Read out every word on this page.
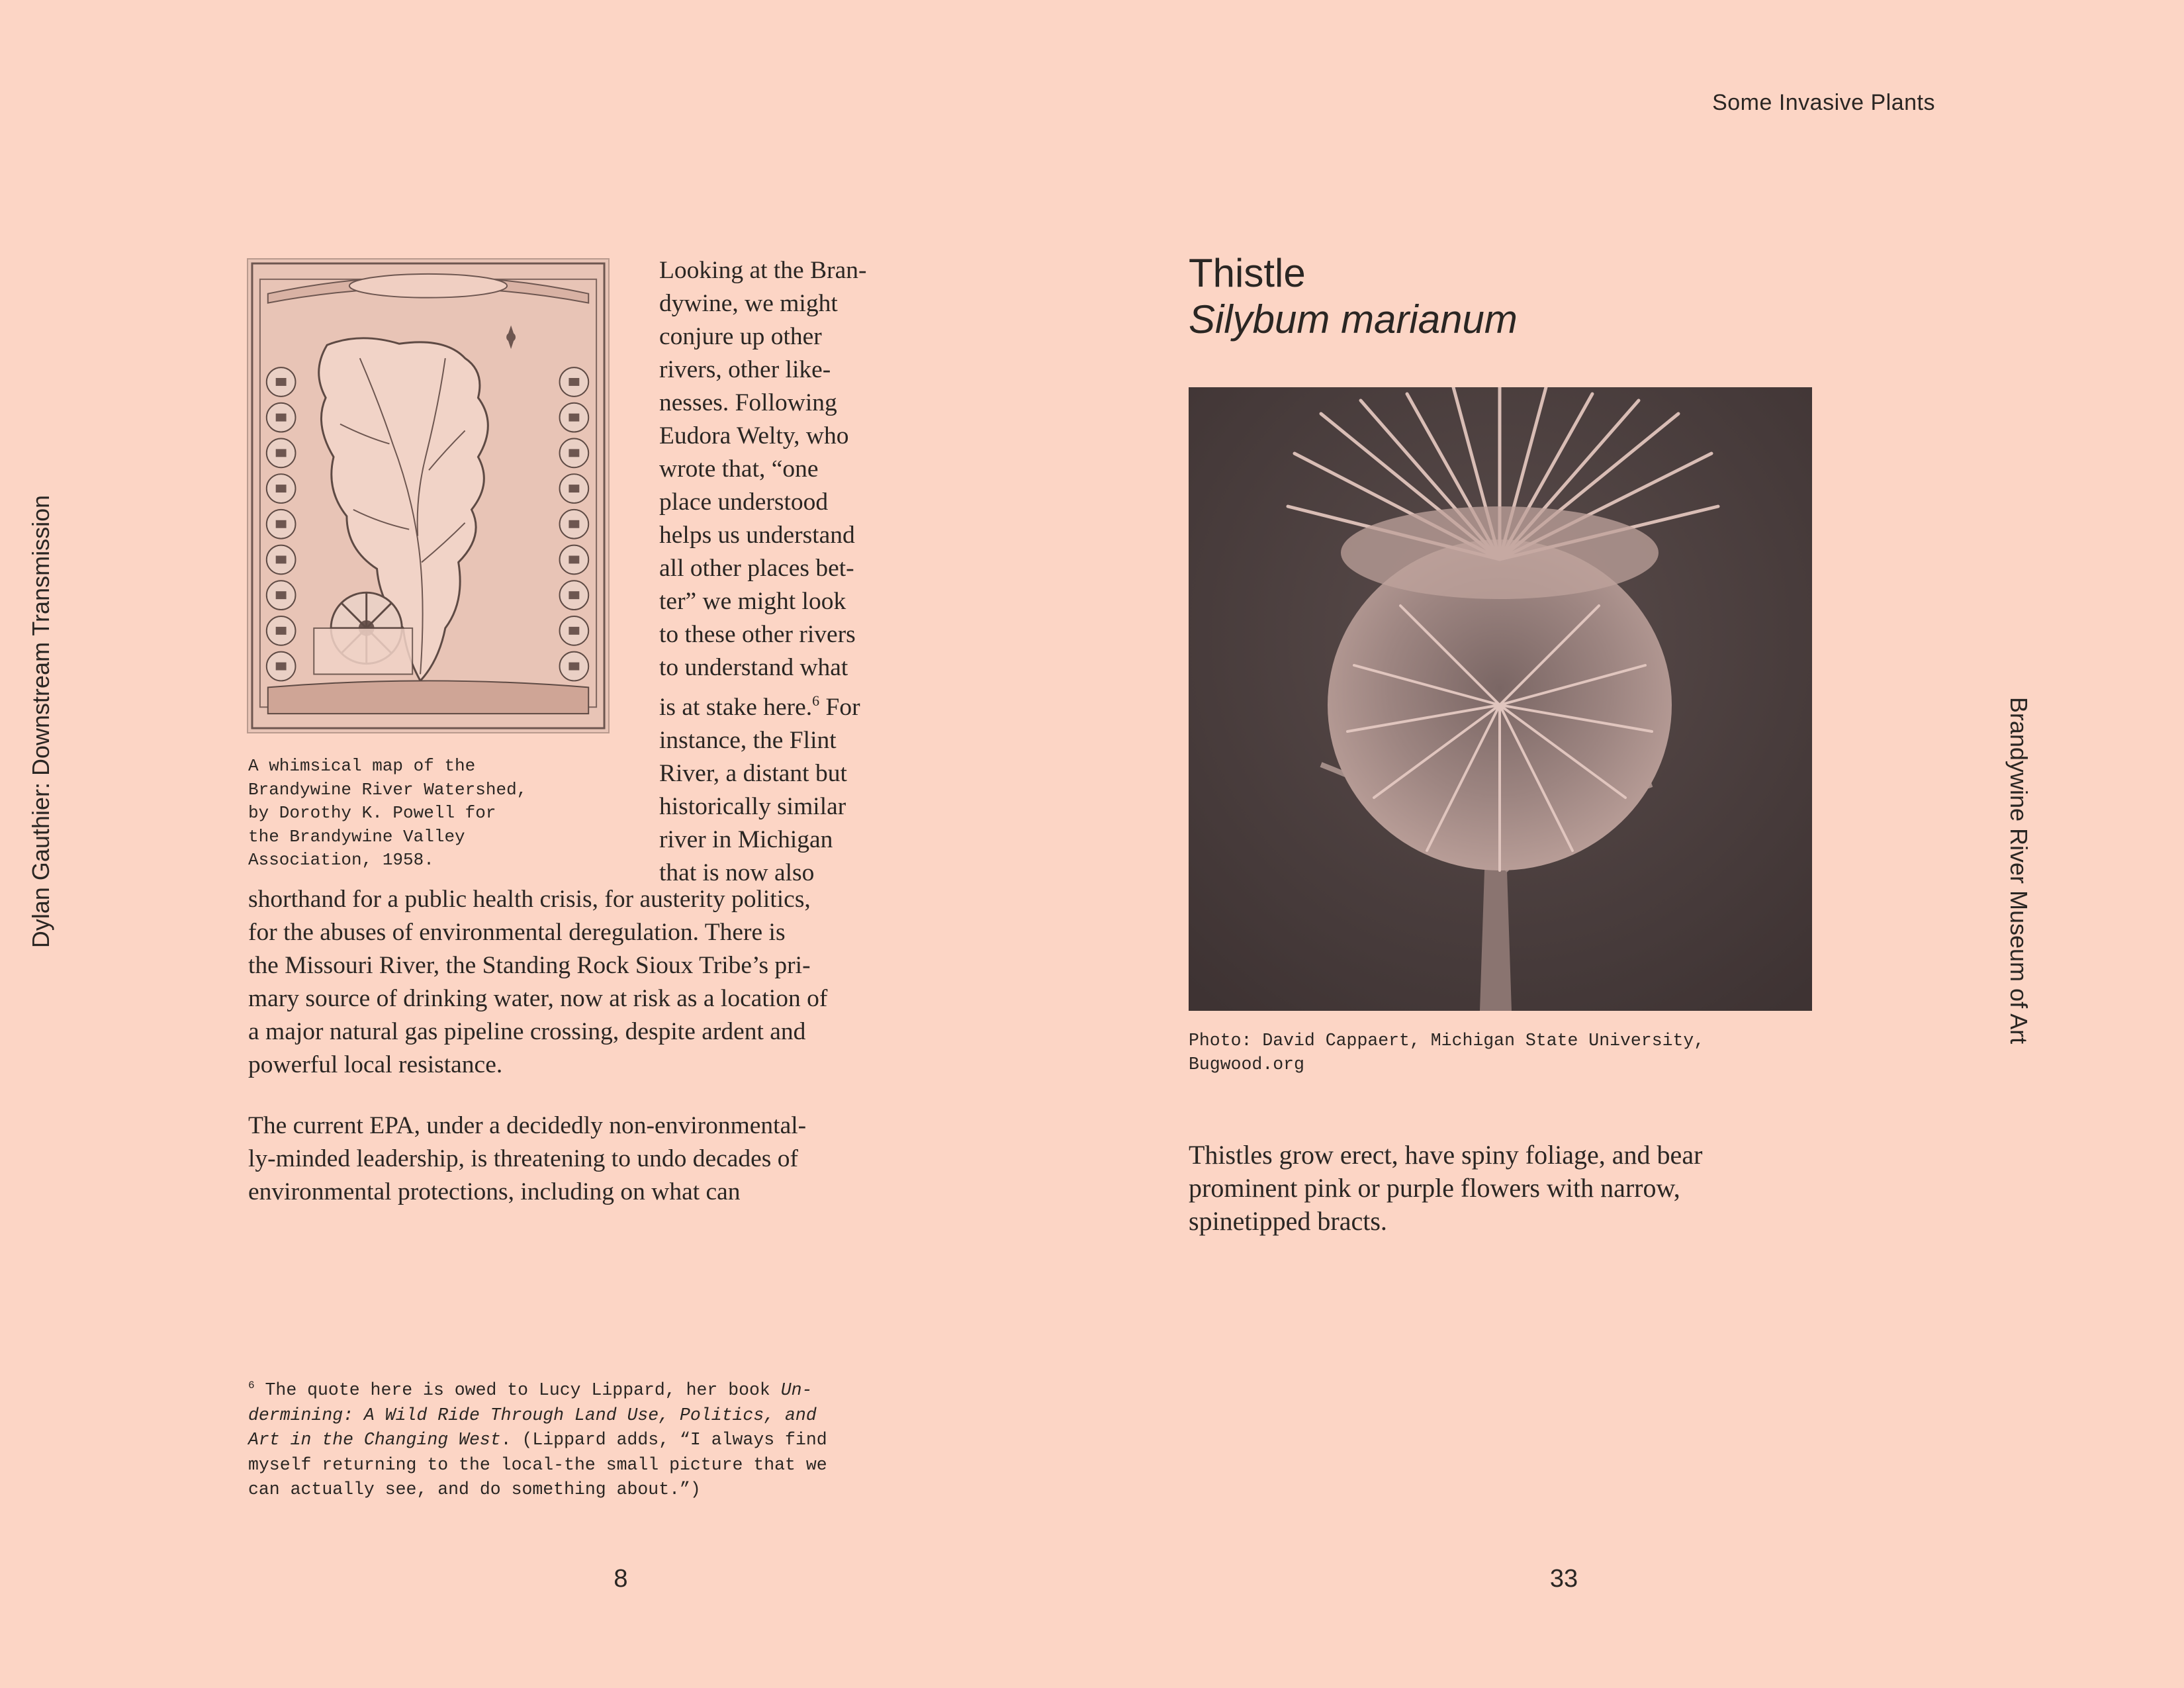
Some Invasive Plants
Dylan Gauthier: Downstream Transmission	Brandywine River Museum of Art

A whimsical map of the
Brandywine River Watershed,
by Dorothy K. Powell for
the Brandywine Valley
Association, 1958.

Looking at the Bran-
dywine, we might
conjure up other
rivers, other like-
nesses. Following
Eudora Welty, who
wrote that, “one
place understood
helps us understand
all other places bet-
ter” we might look
to these other rivers
to understand what
is at stake here.$^6$ For
instance, the Flint
River, a distant but
historically similar
river in Michigan
that is now also

shorthand for a public health crisis, for austerity politics,
for the abuses of environmental deregulation. There is
the Missouri River, the Standing Rock Sioux Tribe’s pri-
mary source of drinking water, now at risk as a location of
a major natural gas pipeline crossing, despite ardent and
powerful local resistance.

The current EPA, under a decidedly non-environmental-
ly-minded leadership, is threatening to undo decades of
environmental protections, including on what can

$^6$ The quote here is owed to Lucy Lippard, her book Un-
dermining: A Wild Ride Through Land Use, Politics, and
Art in the Changing West. (Lippard adds, “I always find
myself returning to the local-the small picture that we
can actually see, and do something about.”)

8
Thistle
Silybum marianum

Photo: David Cappaert, Michigan State University,
Bugwood.org

Thistles grow erect, have spiny foliage, and bear
prominent pink or purple flowers with narrow,
spinetipped bracts.

33
